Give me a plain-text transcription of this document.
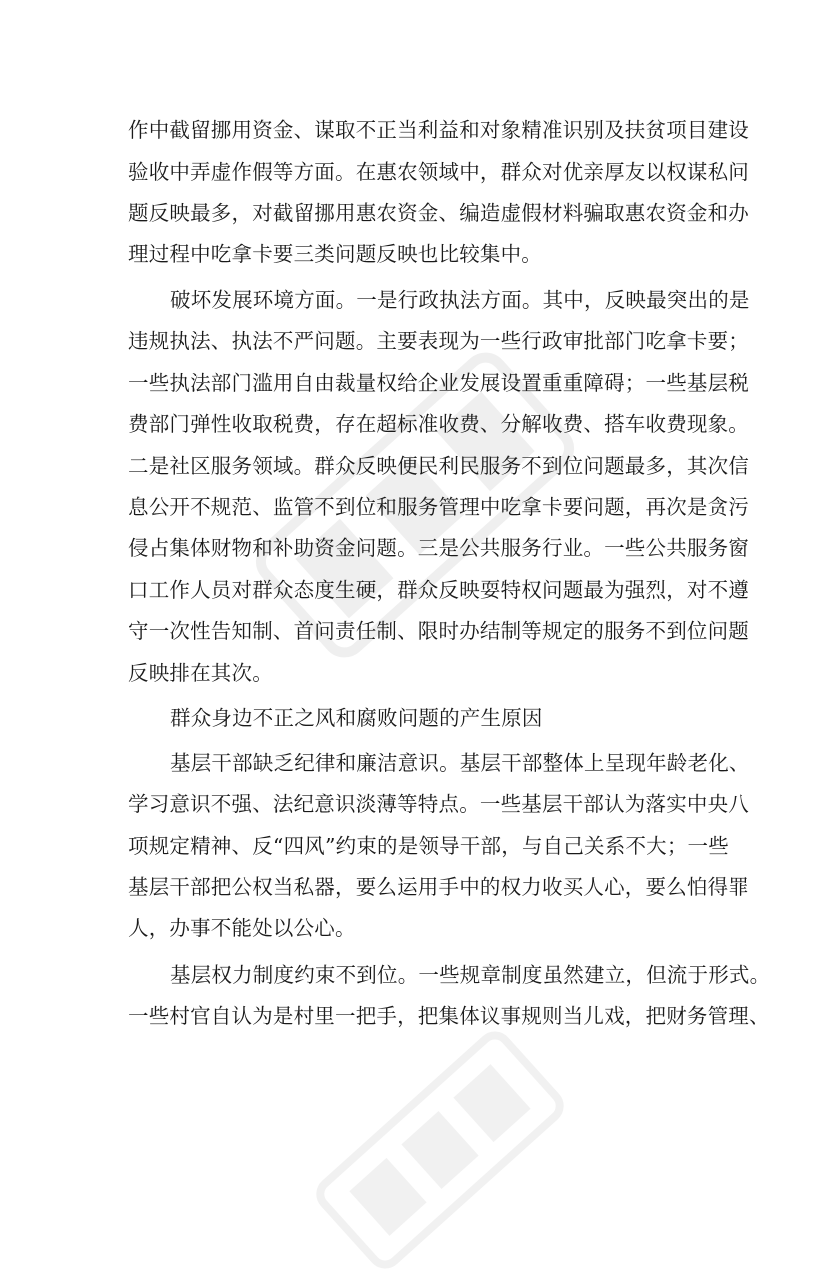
作中截留挪用资金、谋取不正当利益和对象精准识别及扶贫项目建设
验收中弄虚作假等方面。在惠农领域中，群众对优亲厚友以权谋私问
题反映最多，对截留挪用惠农资金、编造虚假材料骗取惠农资金和办
理过程中吃拿卡要三类问题反映也比较集中。
破坏发展环境方面。一是行政执法方面。其中，反映最突出的是
违规执法、执法不严问题。主要表现为一些行政审批部门吃拿卡要；
一些执法部门滥用自由裁量权给企业发展设置重重障碍；一些基层税
费部门弹性收取税费，存在超标准收费、分解收费、搭车收费现象。
二是社区服务领域。群众反映便民利民服务不到位问题最多，其次信
息公开不规范、监管不到位和服务管理中吃拿卡要问题，再次是贪污
侵占集体财物和补助资金问题。三是公共服务行业。一些公共服务窗
口工作人员对群众态度生硬，群众反映耍特权问题最为强烈，对不遵
守一次性告知制、首问责任制、限时办结制等规定的服务不到位问题
反映排在其次。
群众身边不正之风和腐败问题的产生原因
基层干部缺乏纪律和廉洁意识。基层干部整体上呈现年龄老化、
学习意识不强、法纪意识淡薄等特点。一些基层干部认为落实中央八
项规定精神、反“四风”约束的是领导干部，与自己关系不大；一些
基层干部把公权当私器，要么运用手中的权力收买人心，要么怕得罪
人，办事不能处以公心。
基层权力制度约束不到位。一些规章制度虽然建立，但流于形式。
一些村官自认为是村里一把手，把集体议事规则当儿戏，把财务管理、
